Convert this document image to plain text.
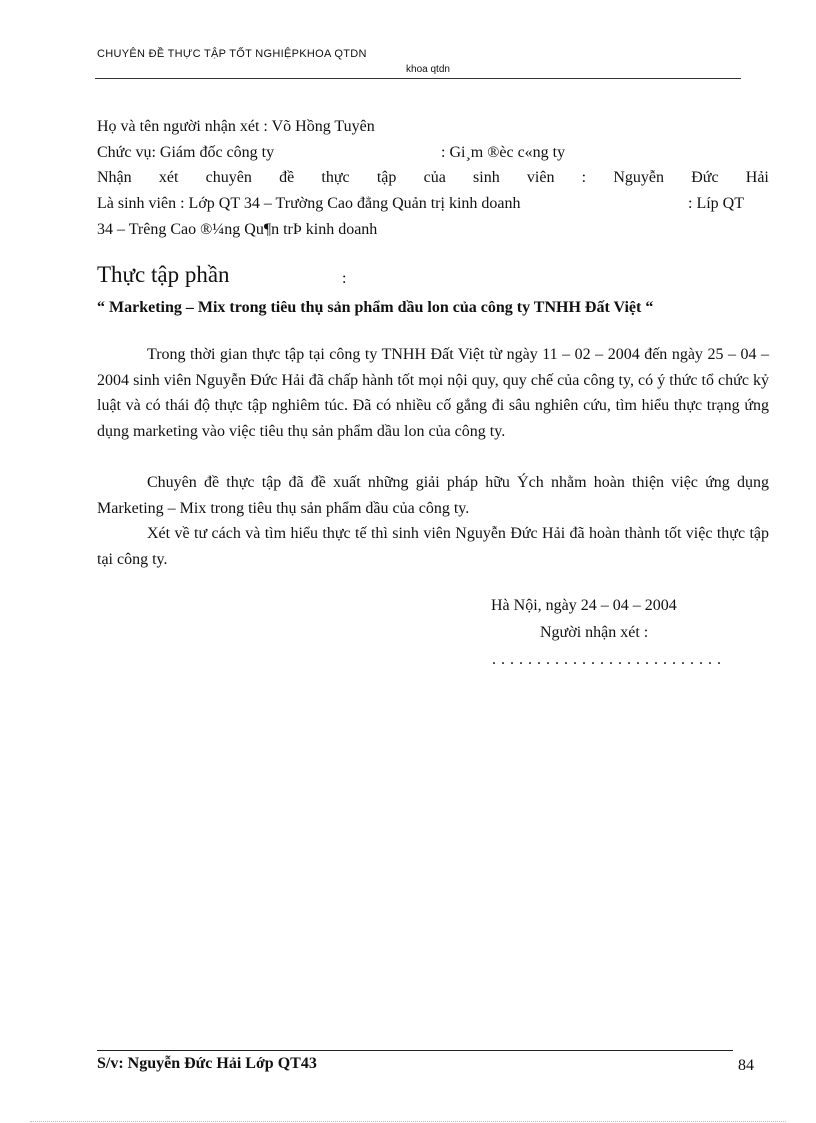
CHUYÊN ĐỀ THỰC TẬP TỐT NGHIỆPKHOA QTDN
khoa qtdn
Họ và tên người nhận xét : Võ Hồng Tuyên
Chức vụ: Giám đốc công ty	: Gi¸m ®èc c«ng ty
Nhận xét chuyên đề thực tập của sinh viên : Nguyễn Đức Hải
Là sinh viên : Lớp QT 34 – Trường Cao đẳng Quản trị kinh doanh	: Líp QT
34 – Trêng Cao ®¼ng Qu¶n trÞ kinh doanh
Thực tập phần	:
“ Marketing – Mix trong tiêu thụ sản phẩm dầu lon của công ty TNHH Đất Việt “
Trong thời gian thực tập tại công ty TNHH Đất Việt từ ngày 11 – 02 – 2004 đến ngày 25 – 04 – 2004 sinh viên Nguyễn Đức Hải đã chấp hành tốt mọi nội quy, quy chế của công ty, có ý thức tổ chức kỷ luật và có thái độ thực tập nghiêm túc. Đã có nhiều cố gắng đi sâu nghiên cứu, tìm hiểu thực trạng ứng dụng marketing vào việc tiêu thụ sản phẩm dầu lon của công ty.
Chuyên đề thực tập đã đề xuất những giải pháp hữu Ých nhằm hoàn thiện việc ứng dụng Marketing – Mix trong tiêu thụ sản phẩm dầu của công ty.
Xét về tư cách và tìm hiểu thực tế thì sinh viên Nguyễn Đức Hải đã hoàn thành tốt việc thực tập tại công ty.
Hà Nội, ngày 24 – 04 – 2004
Người nhận xét :
. . . . . . . . . . . . . . . . . . . . . . . . . .
S/v: Nguyễn Đức Hải Lớp QT43	84
